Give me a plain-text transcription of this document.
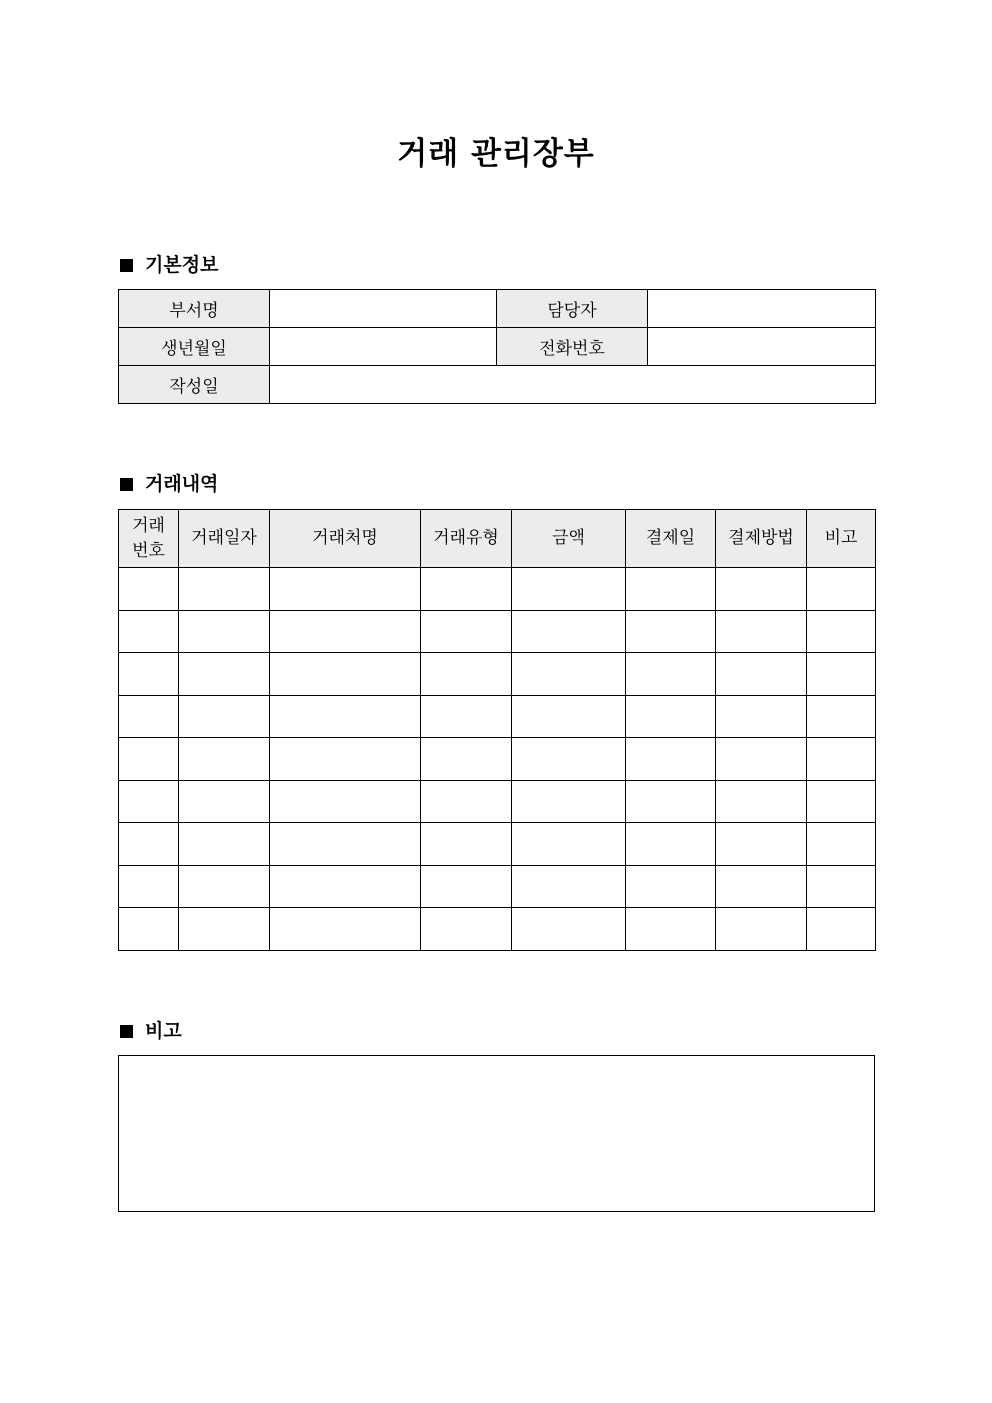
거래 관리장부
기본정보
부서명		담당자	
생년월일		전화번호	
작성일			
거래내역
거래
번호	거래일자	거래처명	거래유형	금액	결제일	결제방법	비고

비고
